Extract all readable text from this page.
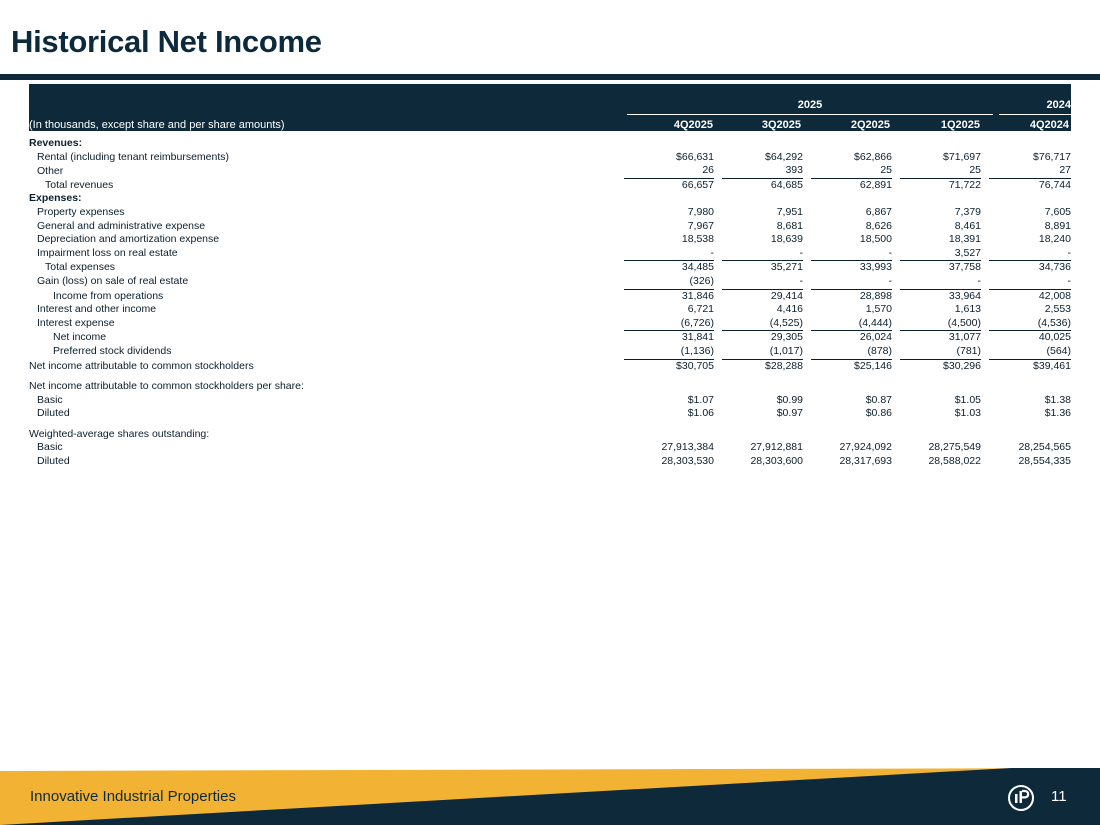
Historical Net Income
2025	2024
(In thousands, except share and per share amounts)	4Q2025	3Q2025	2Q2025	1Q2025	4Q2024
Revenues:									
Rental (including tenant reimbursements)	$66,631		$64,292		$62,866		$71,697		$76,717
Other	26		393		25		25		27
Total revenues	66,657		64,685		62,891		71,722		76,744
Expenses:									
Property expenses	7,980		7,951		6,867		7,379		7,605
General and administrative expense	7,967		8,681		8,626		8,461		8,891
Depreciation and amortization expense	18,538		18,639		18,500		18,391		18,240
Impairment loss on real estate	-		-		-		3,527		-
Total expenses	34,485		35,271		33,993		37,758		34,736
Gain (loss) on sale of real estate	(326)		-		-		-		-
Income from operations	31,846		29,414		28,898		33,964		42,008
Interest and other income	6,721		4,416		1,570		1,613		2,553
Interest expense	(6,726)		(4,525)		(4,444)		(4,500)		(4,536)
Net income	31,841		29,305		26,024		31,077		40,025
Preferred stock dividends	(1,136)		(1,017)		(878)		(781)		(564)
Net income attributable to common stockholders	$30,705		$28,288		$25,146		$30,296		$39,461

Net income attributable to common stockholders per share:									
Basic	$1.07		$0.99		$0.87		$1.05		$1.38
Diluted	$1.06		$0.97		$0.86		$1.03		$1.36

Weighted-average shares outstanding:									
Basic	27,913,384		27,912,881		27,924,092		28,275,549		28,254,565
Diluted	28,303,530		28,303,600		28,317,693		28,588,022		28,554,335
Innovative Industrial Properties	11
